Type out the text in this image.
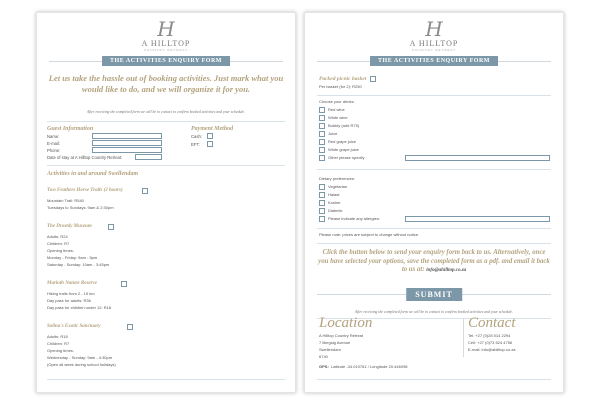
H
A HILLTOP
COUNTRY RETREAT
THE ACTIVITIES ENQUIRY FORM
Let us take the hassle out of booking activities. Just mark what you would like to do, and we will organize it for you.
After receiving the completed form we will be in contact to confirm booked activities and your schedule.
Guest Information
Name:
E-mail:
Phone:
Date of stay at A Hilltop Country Retreat:
Payment Method
Cash:
EFT:
Activities in and around Swellendam
Two Feathers Horse Trails (2 hours)
Mountain Trail: R540
Tuesdays to Sundays: 9am & 2:30pm
The Drostdy Museum
Adults: R24
Children: R7
Opening times:
Monday - Friday: 9am - 5pm
Saturday - Sunday: 10am - 3:45pm
Marloth Nature Reserve
Hiking trails from 2 - 15 km
Day pass for adults: R36
Day pass for children under 12: R18
Solina's Exotic Sanctuary
Adults: R18
Children: R7
Opening times:
Wednesday - Sunday: 9am - 4:30pm
(Open all week during school holidays)
H
A HILLTOP
COUNTRY RETREAT
THE ACTIVITIES ENQUIRY FORM
Packed picnic basket
Per basket (for 2): R250
Choose your drinks:
Red wine
White wine
Bubbly (add R75)
Juice
Red grape juice
White grape juice
Other please specify
Dietary preferences:
Vegetarian
Halaal
Kosher
Diabetic
Please indicate any allergies:
Please note: prices are subject to change without notice.
Click the button below to send your enquiry form back to us. Alternatively, once you have selected your options, save the completed form as a pdf. and email it back to us at: info@ahilltop.co.za
SUBMIT
After receiving the completed form we will be in contact to confirm booked activities and your schedule.
Location
A Hilltop Country Retreat
7 Bergsig Avenue
Swellendam
6740
GPS: Latitude -34.010761 / Longitude 20.446098
Contact
Tel: +27 (0)28 514 2294
Cell: +27 (0)73 524 4756
E-mail: info@ahilltop.co.za
